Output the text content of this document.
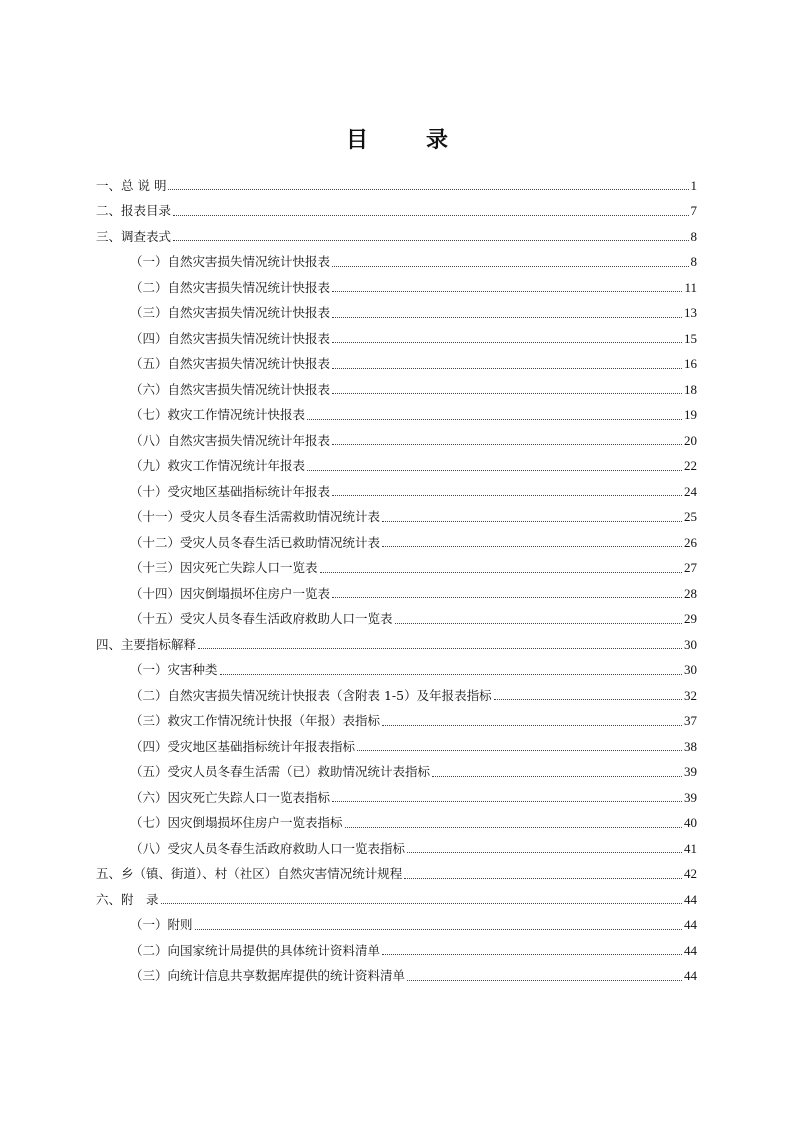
目　录
一、总 说 明	1
二、报表目录	7
三、调查表式	8
（一）自然灾害损失情况统计快报表	8
（二）自然灾害损失情况统计快报表	11
（三）自然灾害损失情况统计快报表	13
（四）自然灾害损失情况统计快报表	15
（五）自然灾害损失情况统计快报表	16
（六）自然灾害损失情况统计快报表	18
（七）救灾工作情况统计快报表	19
（八）自然灾害损失情况统计年报表	20
（九）救灾工作情况统计年报表	22
（十）受灾地区基础指标统计年报表	24
（十一）受灾人员冬春生活需救助情况统计表	25
（十二）受灾人员冬春生活已救助情况统计表	26
（十三）因灾死亡失踪人口一览表	27
（十四）因灾倒塌损坏住房户一览表	28
（十五）受灾人员冬春生活政府救助人口一览表	29
四、主要指标解释	30
（一）灾害种类	30
（二）自然灾害损失情况统计快报表（含附表 1-5）及年报表指标	32
（三）救灾工作情况统计快报（年报）表指标	37
（四）受灾地区基础指标统计年报表指标	38
（五）受灾人员冬春生活需（已）救助情况统计表指标	39
（六）因灾死亡失踪人口一览表指标	39
（七）因灾倒塌损坏住房户一览表指标	40
（八）受灾人员冬春生活政府救助人口一览表指标	41
五、乡（镇、街道）、村（社区）自然灾害情况统计规程	42
六、附　录	44
（一）附则	44
（二）向国家统计局提供的具体统计资料清单	44
（三）向统计信息共享数据库提供的统计资料清单	44
